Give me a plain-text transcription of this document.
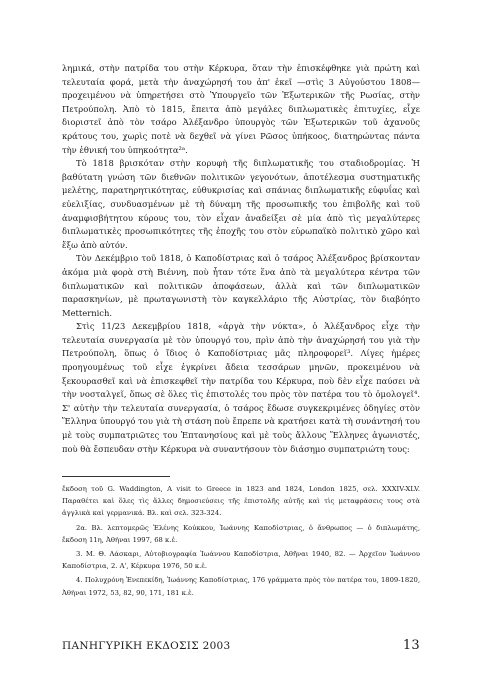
λημικά, στὴν πατρίδα του στὴν Κέρκυρα, ὅταν τὴν ἐπισκέφθηκε γιὰ πρώτη καὶ τελευταία φορά, μετὰ τὴν ἀναχώρησή του ἀπ' ἐκεῖ —στὶς 3 Αὐγούστου 1808— προχειμένου νὰ ὑπηρετήσει στὸ Ὑπουργεῖο τῶν Ἐξωτερικῶν τῆς Ρωσίας, στὴν Πετρούπολη. Ἀπὸ τὸ 1815, ἔπειτα ἀπὸ μεγάλες διπλωματικὲς ἐπιτυχίες, εἶχε διοριστεῖ ἀπὸ τὸν τσάρο Ἀλέξανδρο ὑπουργὸς τῶν Ἐξωτερικῶν τοῦ ἀχανοῦς κράτους του, χωρὶς ποτὲ νὰ δεχθεῖ νὰ γίνει Ρῶσος ὑπήκοος, διατηρώντας πάντα τὴν ἐθνική του ὑπηκοότητα²ᵃ.

Τὸ 1818 βρισκόταν στὴν κορυφὴ τῆς διπλωματικῆς του σταδιοδρομίας. Ἡ βαθύτατη γνώση τῶν διεθνῶν πολιτικῶν γεγονότων, ἀποτέλεσμα συστηματικῆς μελέτης, παρατηρητικότητας, εὐθυκρισίας καὶ σπάνιας διπλωματικῆς εὐφυΐας καὶ εὐελιξίας, συνδυασμένων μὲ τὴ δύναμη τῆς προσωπικῆς του ἐπιβολῆς καὶ τοῦ ἀναμφισβήτητου κύρους του, τὸν εἶχαν ἀναδείξει σὲ μία ἀπὸ τὶς μεγαλύτερες διπλωματικὲς προσωπικότητες τῆς ἐποχῆς του στὸν εὐρωπαϊκὸ πολιτικὸ χῶρο καὶ ἔξω ἀπὸ αὐτόν.

Τὸν Δεκέμβριο τοῦ 1818, ὁ Καποδίστριας καὶ ὁ τσάρος Ἀλέξανδρος βρίσκονταν ἀκόμα μιὰ φορὰ στὴ Βιέννη, ποὺ ἦταν τότε ἕνα ἀπὸ τὰ μεγαλύτερα κέντρα τῶν διπλωματικῶν καὶ πολιτικῶν ἀποφάσεων, ἀλλὰ καὶ τῶν διπλωματικῶν παρασκηνίων, μὲ πρωταγωνιστὴ τὸν καγκελλάριο τῆς Αὐστρίας, τὸν διαβόητο Metternich.

Στὶς 11/23 Δεκεμβρίου 1818, «ἀργὰ τὴν νύκτα», ὁ Ἀλέξανδρος εἶχε τὴν τελευταία συνεργασία μὲ τὸν ὑπουργό του, πρὶν ἀπὸ τὴν ἀναχώρησή του γιὰ τὴν Πετρούπολη, ὅπως ὁ ἴδιος ὁ Καποδίστριας μᾶς πληροφορεῖ³. Λίγες ἡμέρες προηγουμένως τοῦ εἶχε ἐγκρίνει ἄδεια τεσσάρων μηνῶν, προκειμένου νὰ ξεκουρασθεῖ καὶ νὰ ἐπισκεφθεῖ τὴν πατρίδα του Κέρκυρα, ποὺ δὲν εἶχε παύσει νὰ τὴν νοσταλγεῖ, ὅπως σὲ ὅλες τὶς ἐπιστολές του πρὸς τὸν πατέρα του τὸ ὁμολογεῖ⁴. Σ' αὐτὴν τὴν τελευταία συνεργασία, ὁ τσάρος ἔδωσε συγκεκριμένες ὁδηγίες στὸν Ἕλληνα ὑπουργό του γιὰ τὴ στάση ποὺ ἔπρεπε νὰ κρατήσει κατὰ τὴ συνάντησή του μὲ τοὺς συμπατριῶτες του Ἑπτανησίους καὶ μὲ τοὺς ἄλλους Ἕλληνες ἀγωνιστές, ποὺ θὰ ἔσπευδαν στὴν Κέρκυρα νὰ συναντήσουν τὸν διάσημο συμπατριώτη τους:

ἔκδοση τοῦ G. Waddington, A visit to Greece in 1823 and 1824, London 1825, σελ. XXXIV-XLV. Παραθέτει καὶ ὅλες τὶς ἄλλες δημοσιεύσεις τῆς ἐπιστολῆς αὐτῆς καὶ τὶς μεταφράσεις τους στὰ ἀγγλικὰ καὶ γερμανικά. Βλ. καὶ σελ. 323-324.

2α. Βλ. λεπτομερῶς Ἑλένης Κούκκου, Ἰωάννης Καποδίστριας, ὁ ἄνθρωπος — ὁ διπλωμάτης, ἔκδοση 11η, Ἀθήναι 1997, 68 κ.ἑ.

3. Μ. Θ. Λάσκαρι, Αὐτοβιογραφία Ἰωάννου Καποδίστρια, Ἀθῆναι 1940, 82. — Ἀρχεῖον Ἰωάννου Καποδίστρια, 2. Α', Κέρκυρα 1976, 50 κ.ἑ.

4. Πολυχρόνη Ἐνεπεκίδη, Ἰωάννης Καποδίστριας, 176 γράμματα πρὸς τὸν πατέρα του, 1809-1820, Ἀθήναι 1972, 53, 82, 90, 171, 181 κ.ἑ.

ΠΑΝΗΓΥΡΙΚΗ ΕΚΔΟΣΙΣ 2003	13
